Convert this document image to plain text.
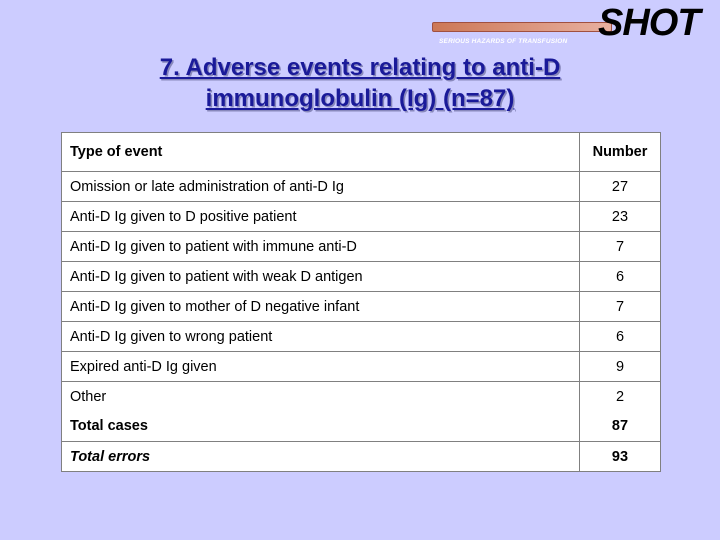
SERIOUS HAZARDS OF TRANSFUSION SHOT
7. Adverse events relating to anti-D
immunoglobulin (Ig) (n=87)
Type of event	Number
Omission or late administration of anti-D Ig	27
Anti-D Ig given to D positive patient	23
Anti-D Ig given to patient with immune anti-D	7
Anti-D Ig given to patient with weak D antigen	6
Anti-D Ig given to mother of D negative infant	7
Anti-D Ig given to wrong patient	6
Expired anti-D Ig given	9
Other	2
Total cases	87
Total errors	93
